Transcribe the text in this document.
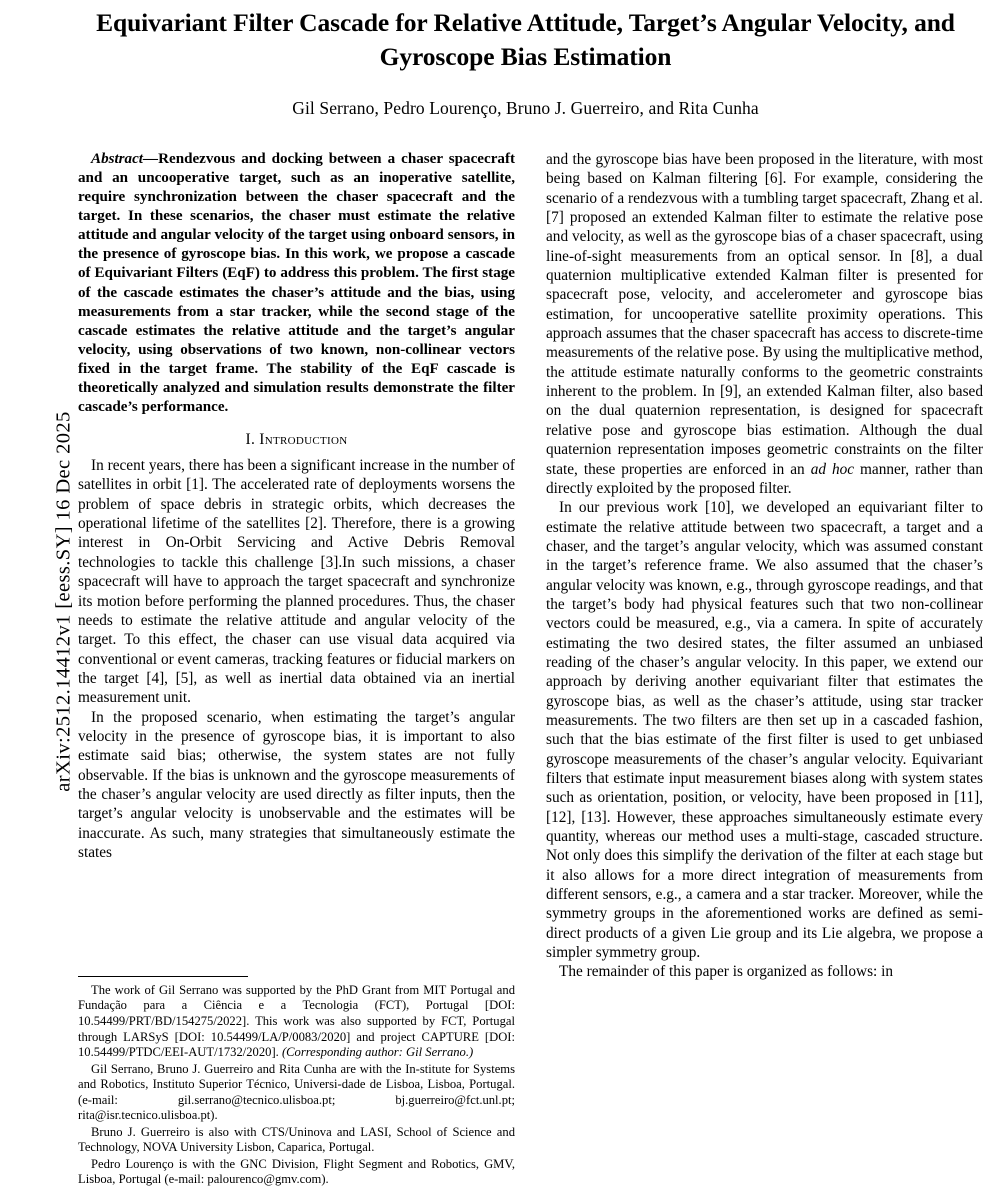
arXiv:2512.14412v1 [eess.SY] 16 Dec 2025
Equivariant Filter Cascade for Relative Attitude, Target’s Angular Velocity, and Gyroscope Bias Estimation
Gil Serrano, Pedro Lourenço, Bruno J. Guerreiro, and Rita Cunha

Abstract—Rendezvous and docking between a chaser spacecraft and an uncooperative target, such as an inoperative satellite, require synchronization between the chaser spacecraft and the target. In these scenarios, the chaser must estimate the relative attitude and angular velocity of the target using onboard sensors, in the presence of gyroscope bias. In this work, we propose a cascade of Equivariant Filters (EqF) to address this problem. The first stage of the cascade estimates the chaser’s attitude and the bias, using measurements from a star tracker, while the second stage of the cascade estimates the relative attitude and the target’s angular velocity, using observations of two known, non-collinear vectors fixed in the target frame. The stability of the EqF cascade is theoretically analyzed and simulation results demonstrate the filter cascade’s performance.

I. Introduction

In recent years, there has been a significant increase in the number of satellites in orbit [1]. The accelerated rate of deployments worsens the problem of space debris in strategic orbits, which decreases the operational lifetime of the satellites [2]. Therefore, there is a growing interest in On-Orbit Servicing and Active Debris Removal technologies to tackle this challenge [3].In such missions, a chaser spacecraft will have to approach the target spacecraft and synchronize its motion before performing the planned procedures. Thus, the chaser needs to estimate the relative attitude and angular velocity of the target. To this effect, the chaser can use visual data acquired via conventional or event cameras, tracking features or fiducial markers on the target [4], [5], as well as inertial data obtained via an inertial measurement unit.

In the proposed scenario, when estimating the target’s angular velocity in the presence of gyroscope bias, it is important to also estimate said bias; otherwise, the system states are not fully observable. If the bias is unknown and the gyroscope measurements of the chaser’s angular velocity are used directly as filter inputs, then the target’s angular velocity is unobservable and the estimates will be inaccurate. As such, many strategies that simultaneously estimate the states

The work of Gil Serrano was supported by the PhD Grant from MIT Portugal and Fundação para a Ciência e a Tecnologia (FCT), Portugal [DOI: 10.54499/PRT/BD/154275/2022]. This work was also supported by FCT, Portugal through LARSyS [DOI: 10.54499/LA/P/0083/2020] and project CAPTURE [DOI: 10.54499/PTDC/EEI-AUT/1732/2020]. (Corresponding author: Gil Serrano.)

Gil Serrano, Bruno J. Guerreiro and Rita Cunha are with the In-stitute for Systems and Robotics, Instituto Superior Técnico, Universi-dade de Lisboa, Lisboa, Portugal. (e-mail: gil.serrano@tecnico.ulisboa.pt; bj.guerreiro@fct.unl.pt; rita@isr.tecnico.ulisboa.pt).

Bruno J. Guerreiro is also with CTS/Uninova and LASI, School of Science and Technology, NOVA University Lisbon, Caparica, Portugal.

Pedro Lourenço is with the GNC Division, Flight Segment and Robotics, GMV, Lisboa, Portugal (e-mail: palourenco@gmv.com).

and the gyroscope bias have been proposed in the literature, with most being based on Kalman filtering [6]. For example, considering the scenario of a rendezvous with a tumbling target spacecraft, Zhang et al. [7] proposed an extended Kalman filter to estimate the relative pose and velocity, as well as the gyroscope bias of a chaser spacecraft, using line-of-sight measurements from an optical sensor. In [8], a dual quaternion multiplicative extended Kalman filter is presented for spacecraft pose, velocity, and accelerometer and gyroscope bias estimation, for uncooperative satellite proximity operations. This approach assumes that the chaser spacecraft has access to discrete-time measurements of the relative pose. By using the multiplicative method, the attitude estimate naturally conforms to the geometric constraints inherent to the problem. In [9], an extended Kalman filter, also based on the dual quaternion representation, is designed for spacecraft relative pose and gyroscope bias estimation. Although the dual quaternion representation imposes geometric constraints on the filter state, these properties are enforced in an ad hoc manner, rather than directly exploited by the proposed filter.

In our previous work [10], we developed an equivariant filter to estimate the relative attitude between two spacecraft, a target and a chaser, and the target’s angular velocity, which was assumed constant in the target’s reference frame. We also assumed that the chaser’s angular velocity was known, e.g., through gyroscope readings, and that the target’s body had physical features such that two non-collinear vectors could be measured, e.g., via a camera. In spite of accurately estimating the two desired states, the filter assumed an unbiased reading of the chaser’s angular velocity. In this paper, we extend our approach by deriving another equivariant filter that estimates the gyroscope bias, as well as the chaser’s attitude, using star tracker measurements. The two filters are then set up in a cascaded fashion, such that the bias estimate of the first filter is used to get unbiased gyroscope measurements of the chaser’s angular velocity. Equivariant filters that estimate input measurement biases along with system states such as orientation, position, or velocity, have been proposed in [11], [12], [13]. However, these approaches simultaneously estimate every quantity, whereas our method uses a multi-stage, cascaded structure. Not only does this simplify the derivation of the filter at each stage but it also allows for a more direct integration of measurements from different sensors, e.g., a camera and a star tracker. Moreover, while the symmetry groups in the aforementioned works are defined as semi-direct products of a given Lie group and its Lie algebra, we propose a simpler symmetry group.

The remainder of this paper is organized as follows: in
